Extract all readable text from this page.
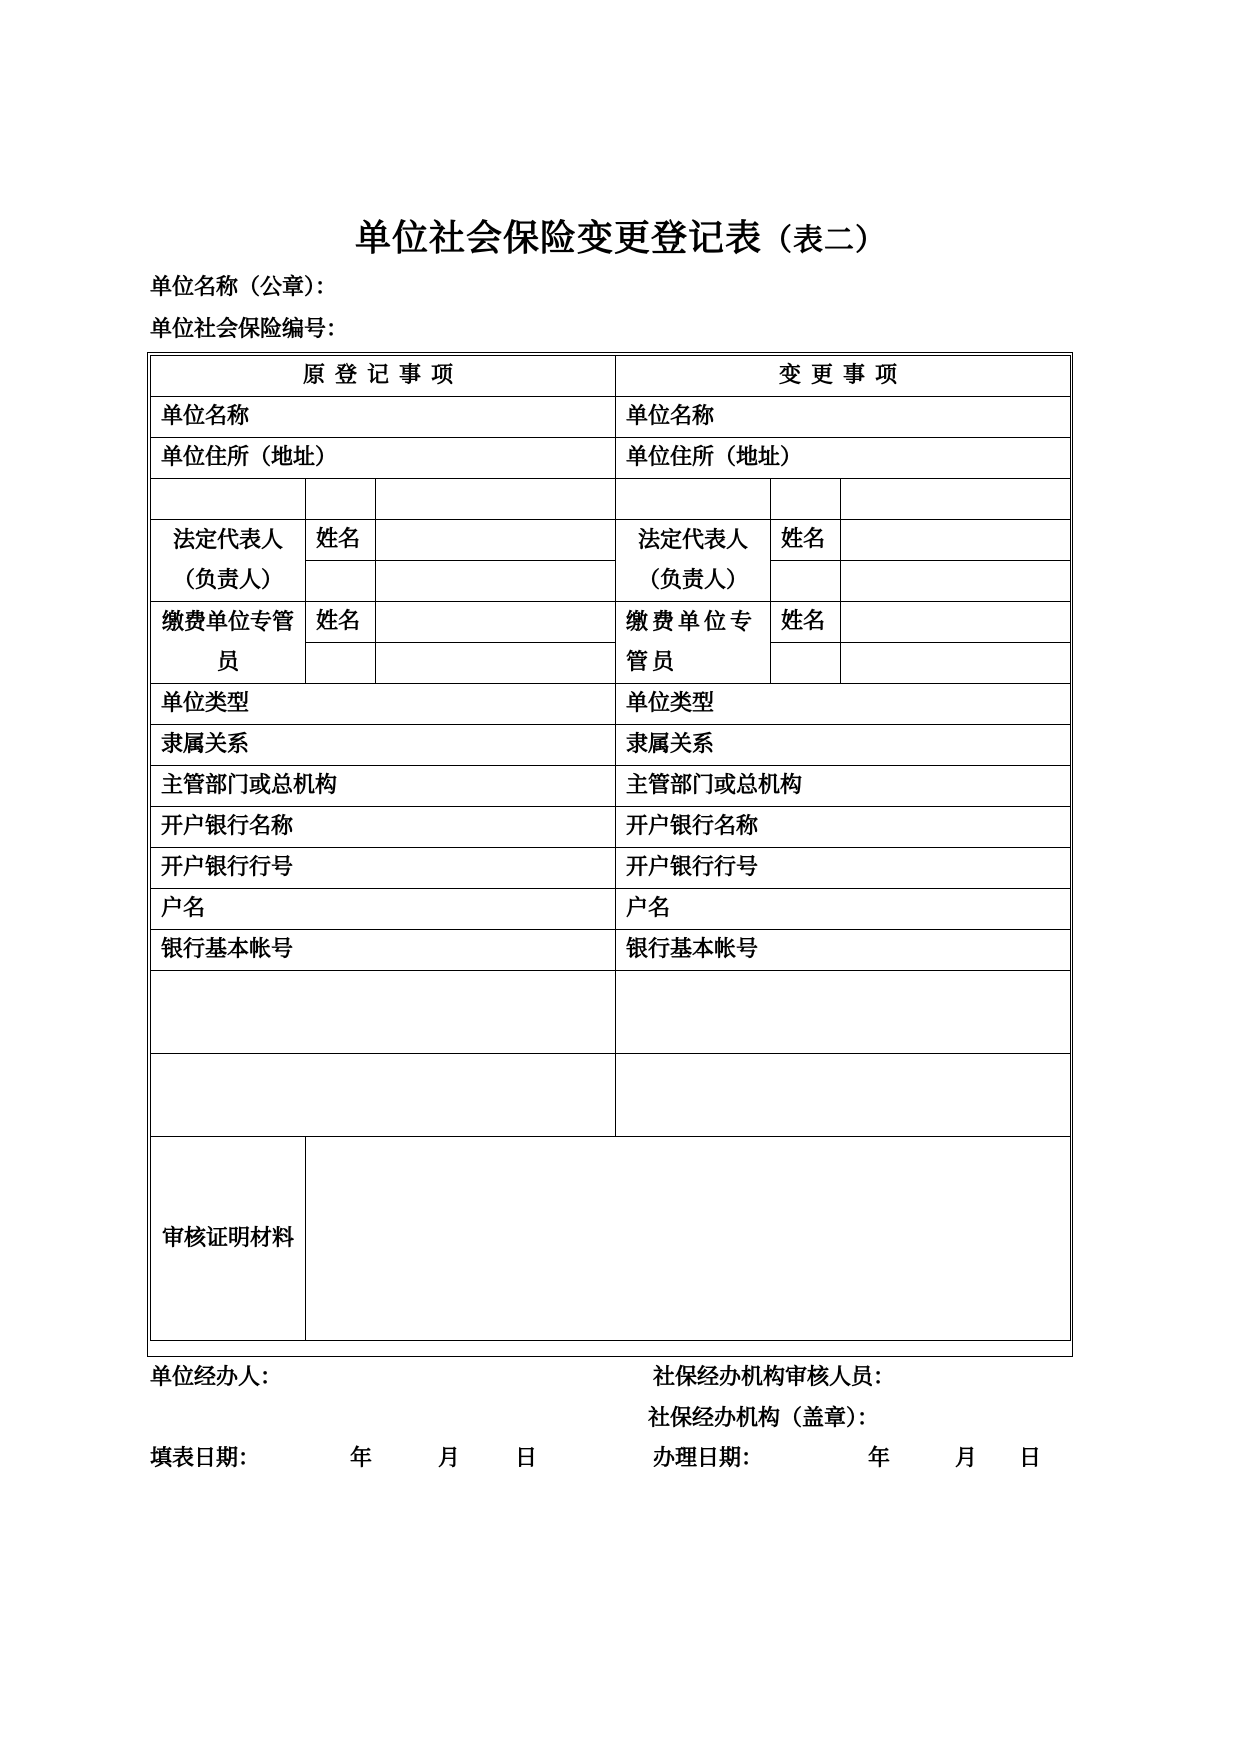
单位社会保险变更登记表（表二）
单位名称（公章）：
单位社会保险编号：
原登记事项			变更事项		
单位名称			单位名称		
单位住所（地址）			单位住所（地址）		

法定代表人（负责人）	姓名		法定代表人（负责人）	姓名	

缴费单位专管员	姓名		缴费单位专管员	姓名	

单位类型			单位类型		
隶属关系			隶属关系		
主管部门或总机构			主管部门或总机构		
开户银行名称			开户银行名称		
开户银行行号			开户银行行号		
户名			户名		
银行基本帐号			银行基本帐号		

审核证明材料					
单位经办人：	社保经办机构审核人员：
社保经办机构（盖章）：
填表日期：	年	月 日	办理日期：	年	月 日
